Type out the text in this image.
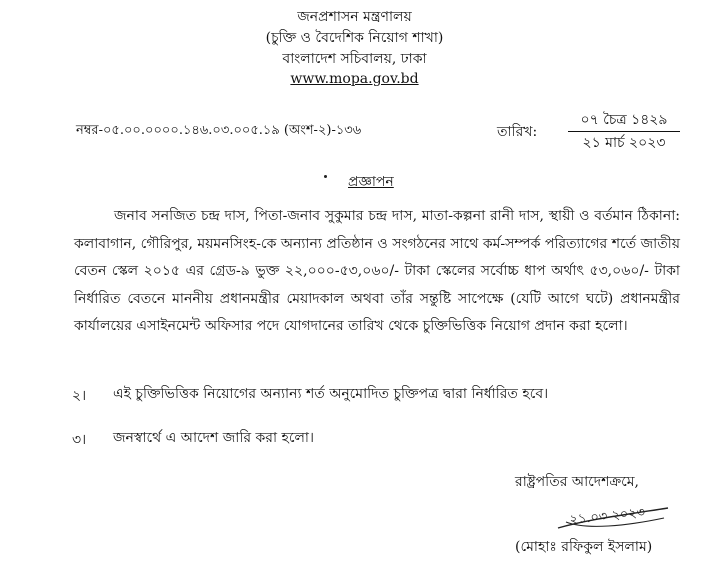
জনপ্রশাসন মন্ত্রণালয়
(চুক্তি ও বৈদেশিক নিয়োগ শাখা)
বাংলাদেশ সচিবালয়, ঢাকা
www.mopa.gov.bd
নম্বর-০৫.০০.০০০০.১৪৬.০৩.০০৫.১৯ (অংশ-২)-১৩৬	তারিখ:
০৭ চৈত্র ১৪২৯
২১ মার্চ ২০২৩
প্রজ্ঞাপন
জনাব সনজিত চন্দ্র দাস, পিতা-জনাব সুকুমার চন্দ্র দাস, মাতা-কল্পনা রানী দাস, স্থায়ী ও বর্তমান ঠিকানা: কলাবাগান, গৌরিপুর, ময়মনসিংহ-কে অন্যান্য প্রতিষ্ঠান ও সংগঠনের সাথে কর্ম-সম্পর্ক পরিত্যাগের শর্তে জাতীয় বেতন স্কেল ২০১৫ এর গ্রেড-৯ ভুক্ত ২২,০০০-৫৩,০৬০/- টাকা স্কেলের সর্বোচ্চ ধাপ অর্থাৎ ৫৩,০৬০/- টাকা নির্ধারিত বেতনে মাননীয় প্রধানমন্ত্রীর মেয়াদকাল অথবা তাঁর সন্তুষ্টি সাপেক্ষে (যেটি আগে ঘটে) প্রধানমন্ত্রীর কার্যালয়ের এসাইনমেন্ট অফিসার পদে যোগদানের তারিখ থেকে চুক্তিভিত্তিক নিয়োগ প্রদান করা হলো।
২। এই চুক্তিভিত্তিক নিয়োগের অন্যান্য শর্ত অনুমোদিত চুক্তিপত্র দ্বারা নির্ধারিত হবে।
৩। জনস্বার্থে এ আদেশ জারি করা হলো।
রাষ্ট্রপতির আদেশক্রমে,
২১.০৩ ২০২৩
(মোহাঃ রফিকুল ইসলাম)
